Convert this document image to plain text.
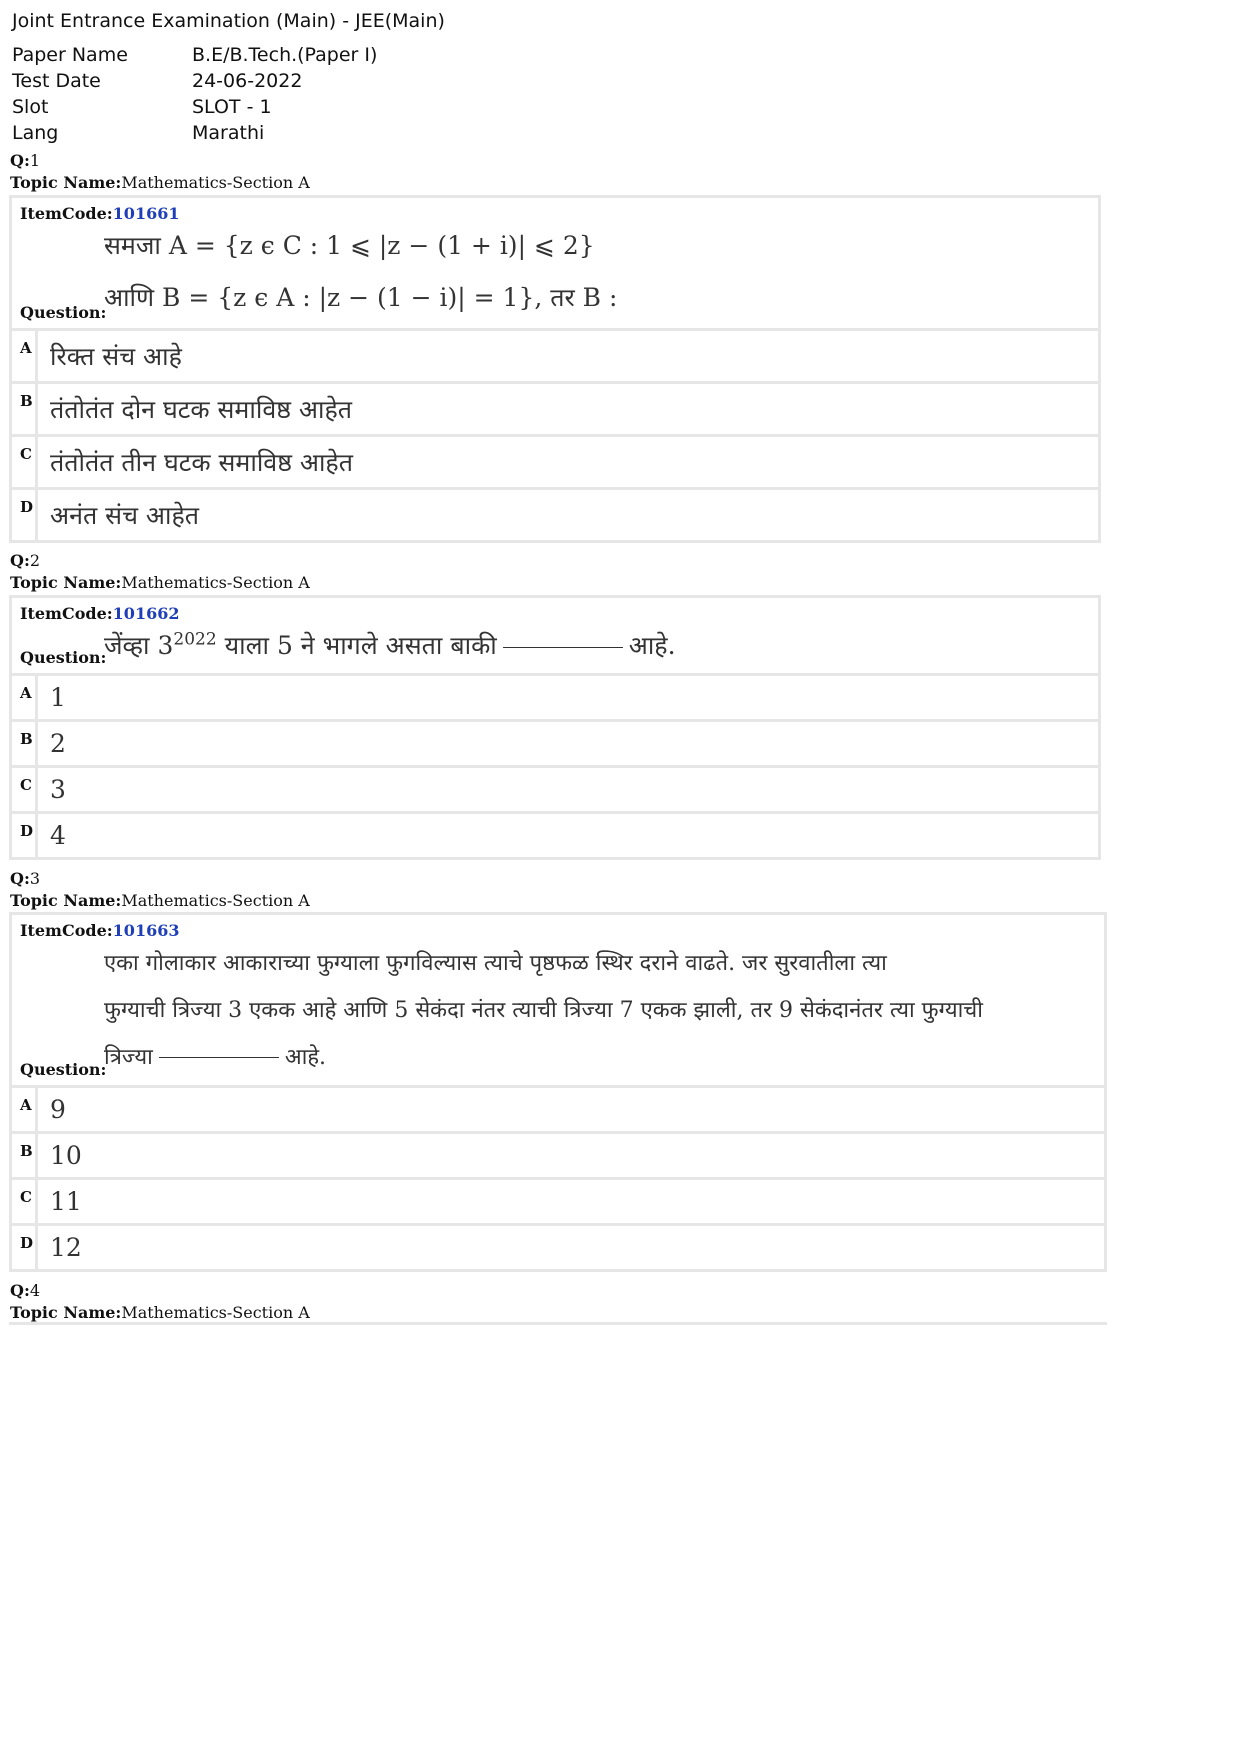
Joint Entrance Examination (Main) - JEE(Main)
Paper Name	B.E/B.Tech.(Paper I)
Test Date	24-06-2022
Slot	SLOT - 1
Lang	Marathi
Q:1
Topic Name:Mathematics-Section A
ItemCode:101661
समजा A = {z ϵ C : 1 ⩽ |z − (1 + i)| ⩽ 2}
आणि B = {z ϵ A : |z − (1 − i)| = 1}, तर B :
Question:
A रिक्त संच आहे
B तंतोतंत दोन घटक समाविष्ठ आहेत
C तंतोतंत तीन घटक समाविष्ठ आहेत
D अनंत संच आहेत
Q:2
Topic Name:Mathematics-Section A
ItemCode:101662
जेंव्हा $3^{2022}$ याला 5 ने भागले असता बाकी	आहे.
Question:
A 1
B 2
C 3
D 4
Q:3
Topic Name:Mathematics-Section A
ItemCode:101663
एका गोलाकार आकाराच्या फुग्याला फुगविल्यास त्याचे पृष्ठफळ स्थिर दराने वाढते. जर सुरवातीला त्या
फुग्याची त्रिज्या 3 एकक आहे आणि 5 सेकंदा नंतर त्याची त्रिज्या 7 एकक झाली, तर 9 सेकंदानंतर त्या फुग्याची
त्रिज्या	आहे.
Question:
A 9
B 10
C 11
D 12
Q:4
Topic Name:Mathematics-Section A
